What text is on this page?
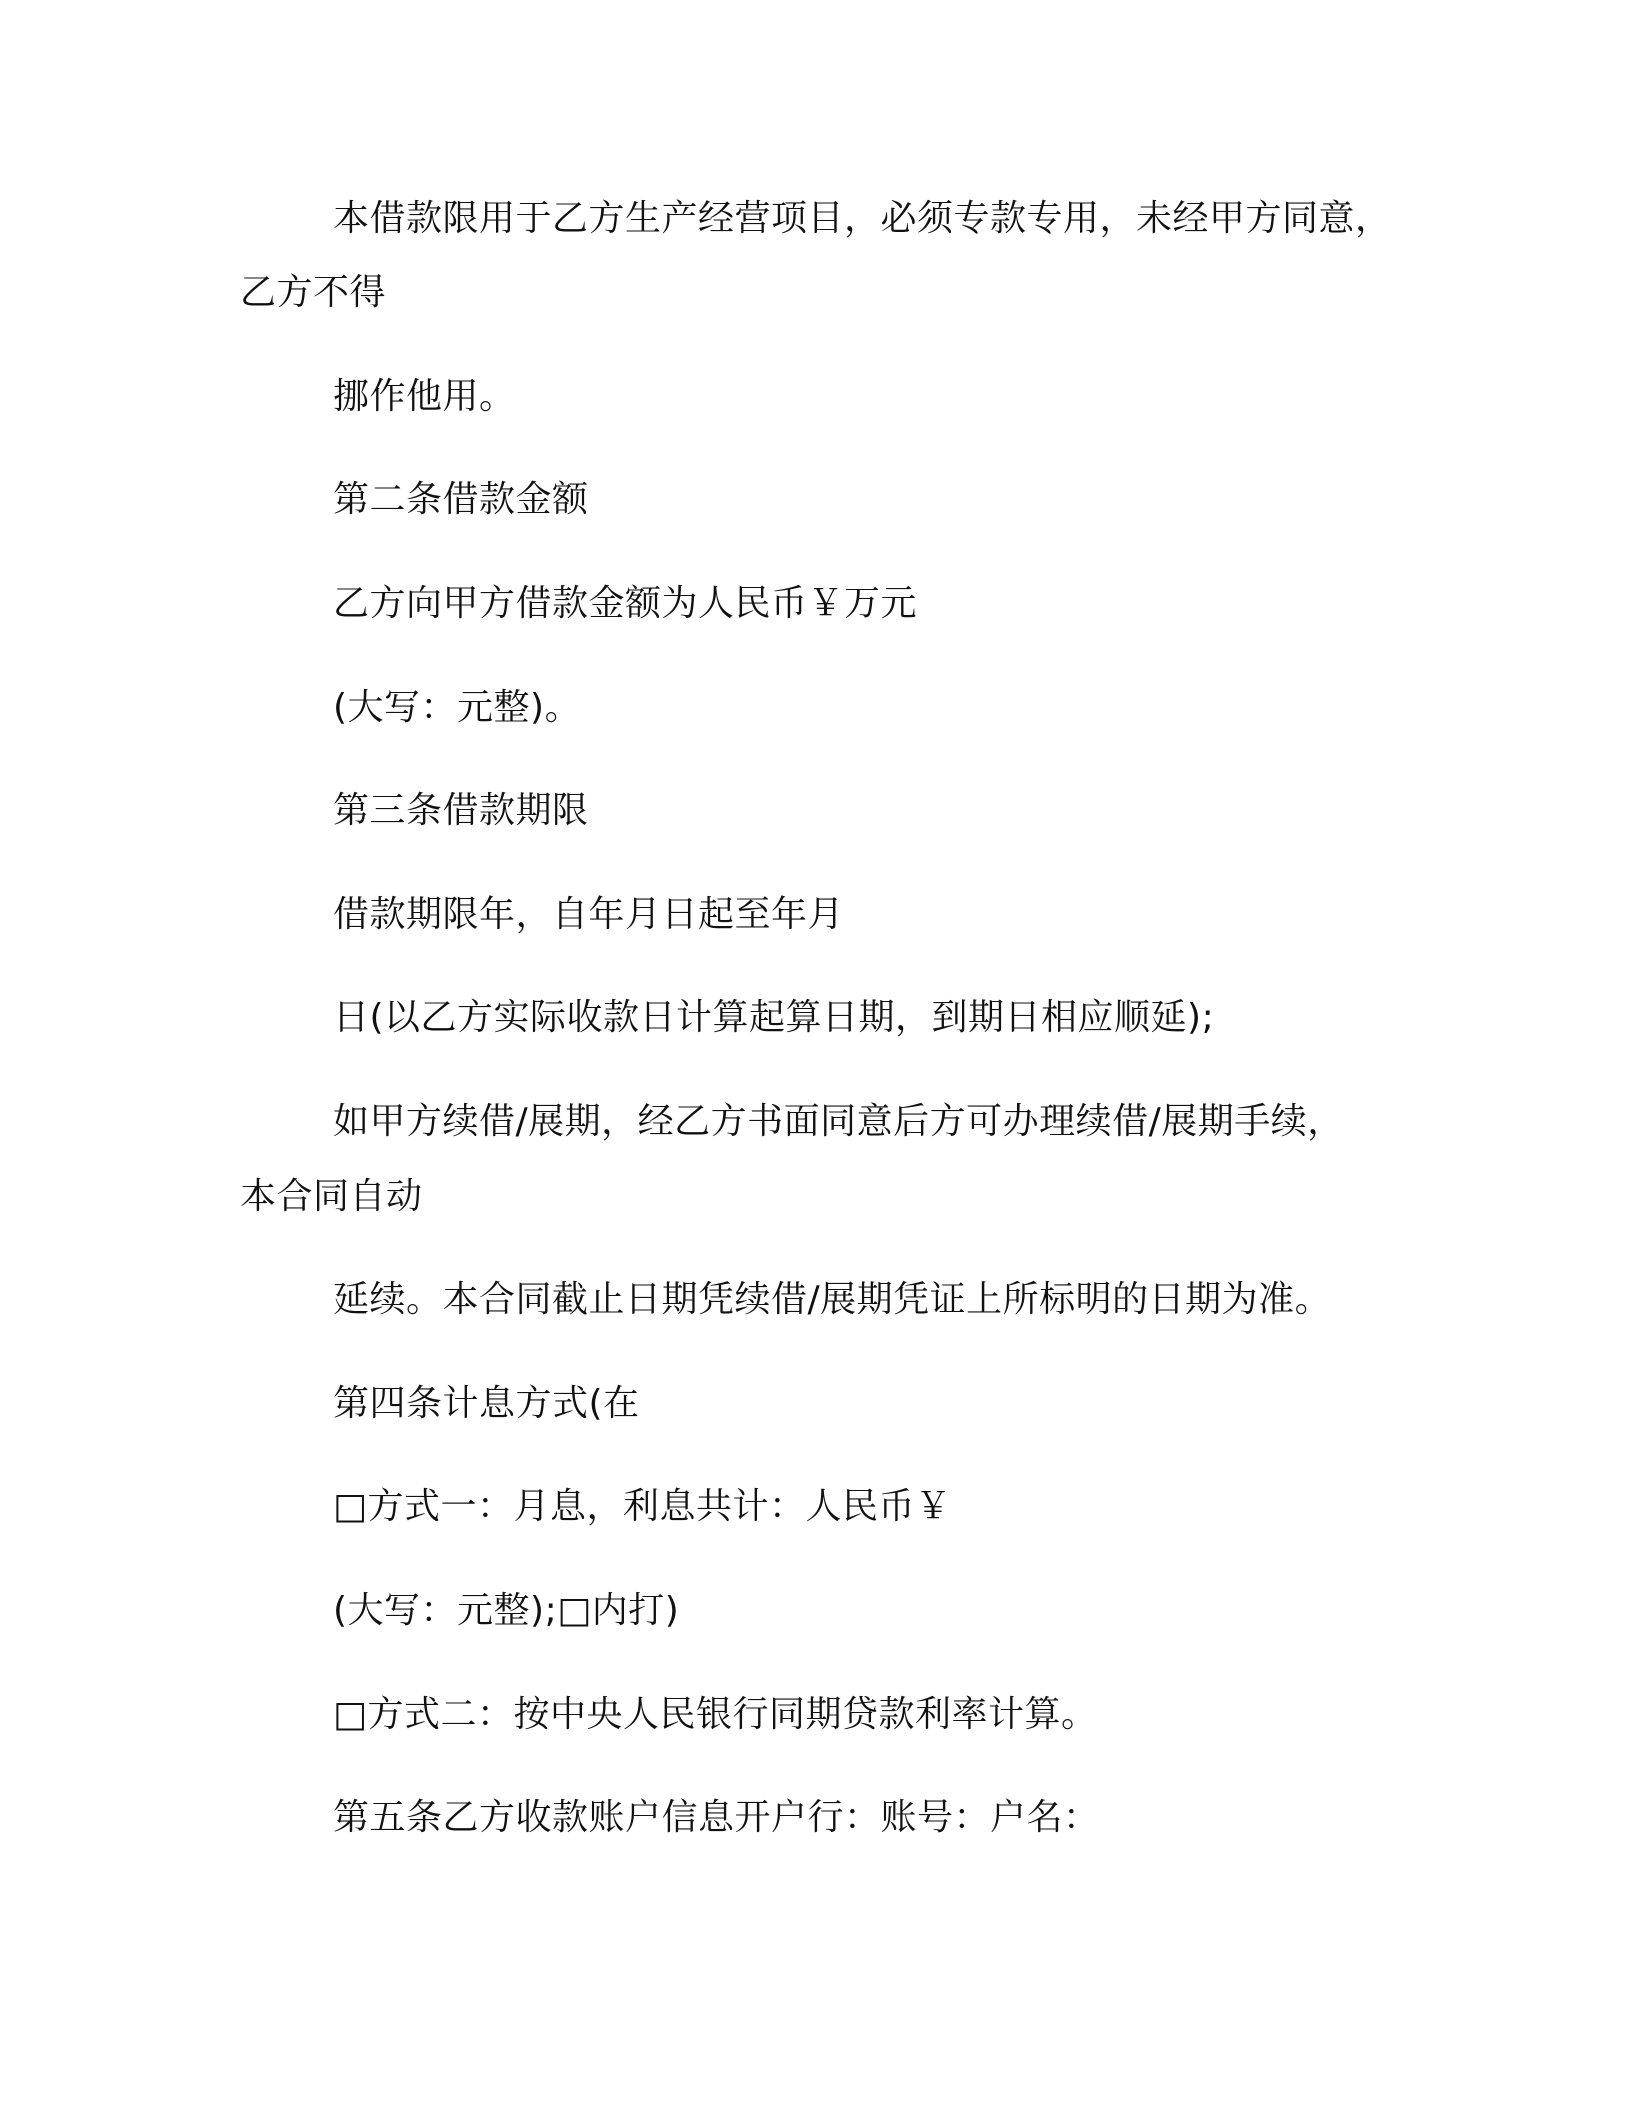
本借款限用于乙方生产经营项目，必须专款专用，未经甲方同意，
乙方不得
挪作他用。
第二条借款金额
乙方向甲方借款金额为人民币￥万元
(大写：元整)。
第三条借款期限
借款期限年，自年月日起至年月
日(以乙方实际收款日计算起算日期，到期日相应顺延);
如甲方续借/展期，经乙方书面同意后方可办理续借/展期手续，
本合同自动
延续。本合同截止日期凭续借/展期凭证上所标明的日期为准。
第四条计息方式(在
□方式一：月息，利息共计：人民币￥
(大写：元整);□内打)
□方式二：按中央人民银行同期贷款利率计算。
第五条乙方收款账户信息开户行：账号：户名：
